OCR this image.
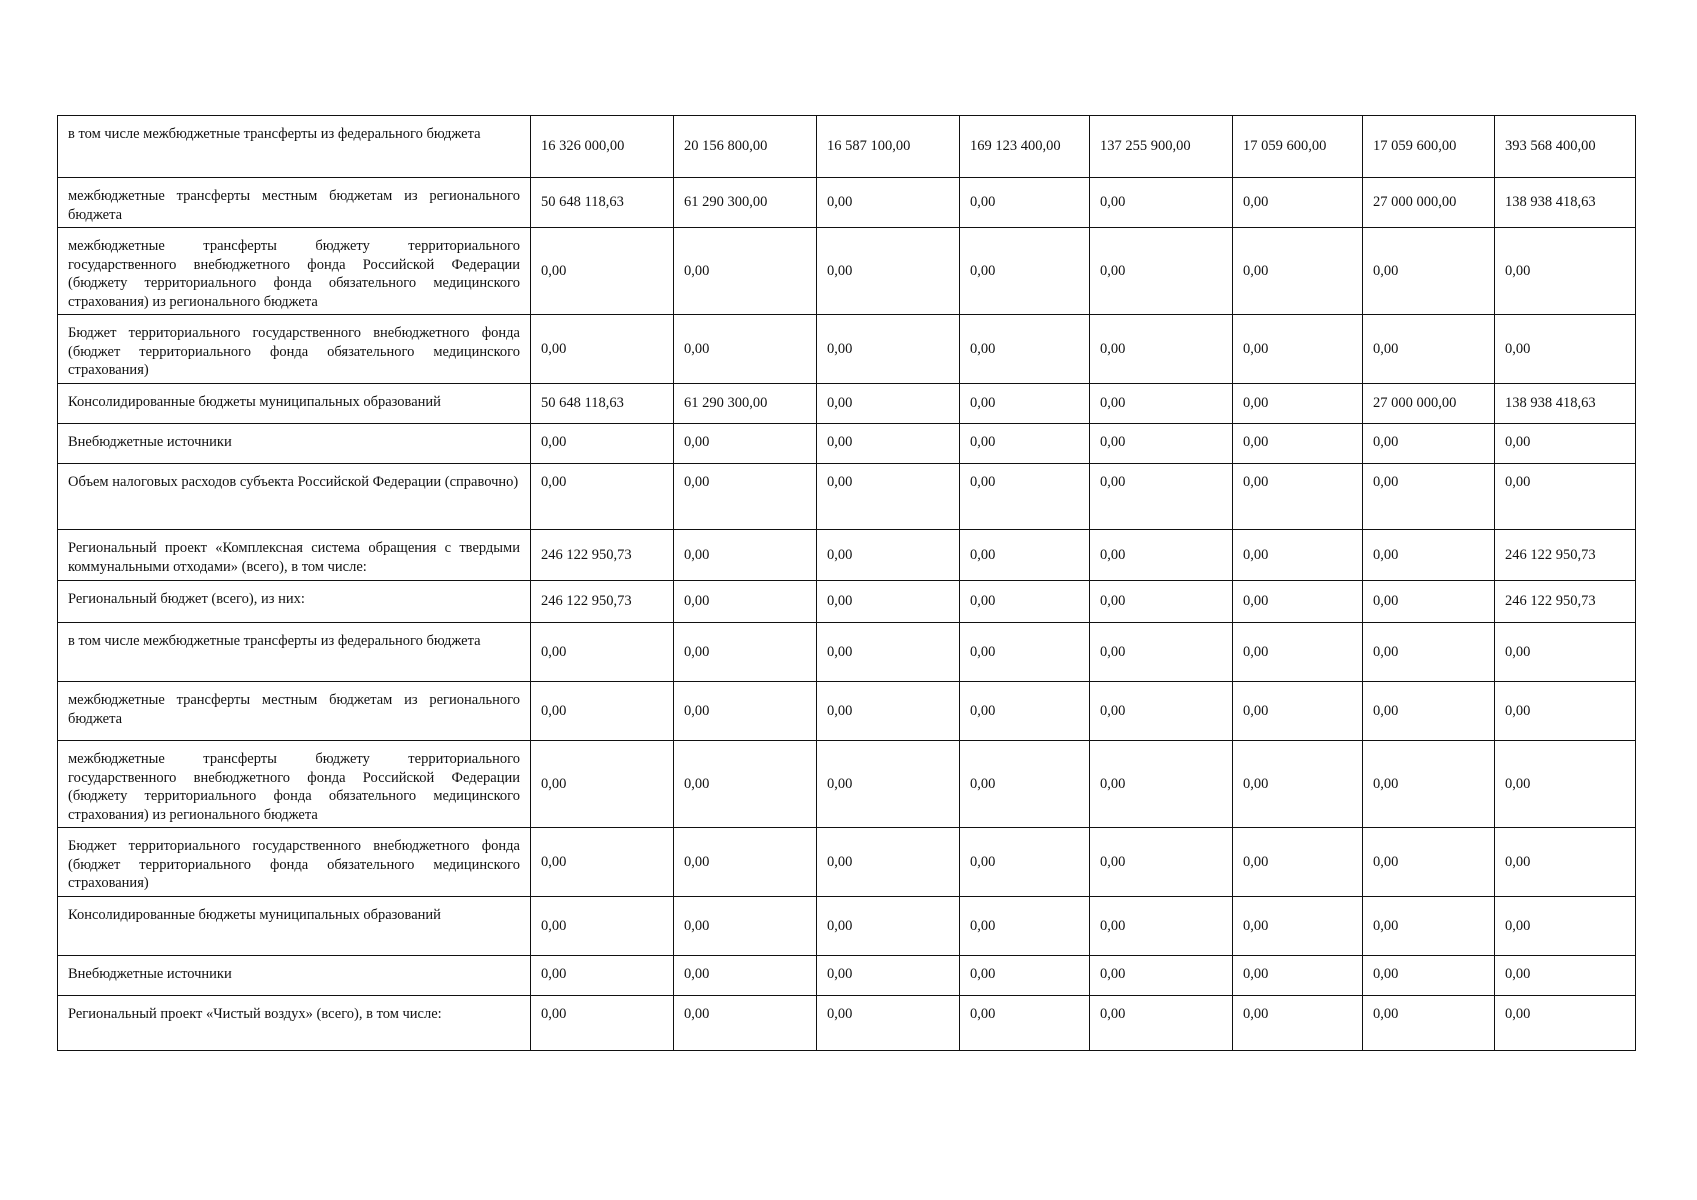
в том числе межбюджетные трансферты из федерального бюджета	16 326 000,00	20 156 800,00	16 587 100,00	169 123 400,00	137 255 900,00	17 059 600,00	17 059 600,00	393 568 400,00
межбюджетные трансферты местным бюджетам из регионального бюджета	50 648 118,63	61 290 300,00	0,00	0,00	0,00	0,00	27 000 000,00	138 938 418,63
межбюджетные трансферты бюджету территориального государственного внебюджетного фонда Российской Федерации (бюджету территориального фонда обязательного медицинского страхования) из регионального бюджета	0,00	0,00	0,00	0,00	0,00	0,00	0,00	0,00
Бюджет территориального государственного внебюджетного фонда (бюджет территориального фонда обязательного медицинского страхования)	0,00	0,00	0,00	0,00	0,00	0,00	0,00	0,00
Консолидированные бюджеты муниципальных образований	50 648 118,63	61 290 300,00	0,00	0,00	0,00	0,00	27 000 000,00	138 938 418,63
Внебюджетные источники	0,00	0,00	0,00	0,00	0,00	0,00	0,00	0,00
Объем налоговых расходов субъекта Российской Федерации (справочно)	0,00	0,00	0,00	0,00	0,00	0,00	0,00	0,00
Региональный проект «Комплексная система обращения с твердыми коммунальными отходами» (всего), в том числе:	246 122 950,73	0,00	0,00	0,00	0,00	0,00	0,00	246 122 950,73
Региональный бюджет (всего), из них:	246 122 950,73	0,00	0,00	0,00	0,00	0,00	0,00	246 122 950,73
в том числе межбюджетные трансферты из федерального бюджета	0,00	0,00	0,00	0,00	0,00	0,00	0,00	0,00
межбюджетные трансферты местным бюджетам из регионального бюджета	0,00	0,00	0,00	0,00	0,00	0,00	0,00	0,00
межбюджетные трансферты бюджету территориального государственного внебюджетного фонда Российской Федерации (бюджету территориального фонда обязательного медицинского страхования) из регионального бюджета	0,00	0,00	0,00	0,00	0,00	0,00	0,00	0,00
Бюджет территориального государственного внебюджетного фонда (бюджет территориального фонда обязательного медицинского страхования)	0,00	0,00	0,00	0,00	0,00	0,00	0,00	0,00
Консолидированные бюджеты муниципальных образований	0,00	0,00	0,00	0,00	0,00	0,00	0,00	0,00
Внебюджетные источники	0,00	0,00	0,00	0,00	0,00	0,00	0,00	0,00
Региональный проект «Чистый воздух» (всего), в том числе:	0,00	0,00	0,00	0,00	0,00	0,00	0,00	0,00
